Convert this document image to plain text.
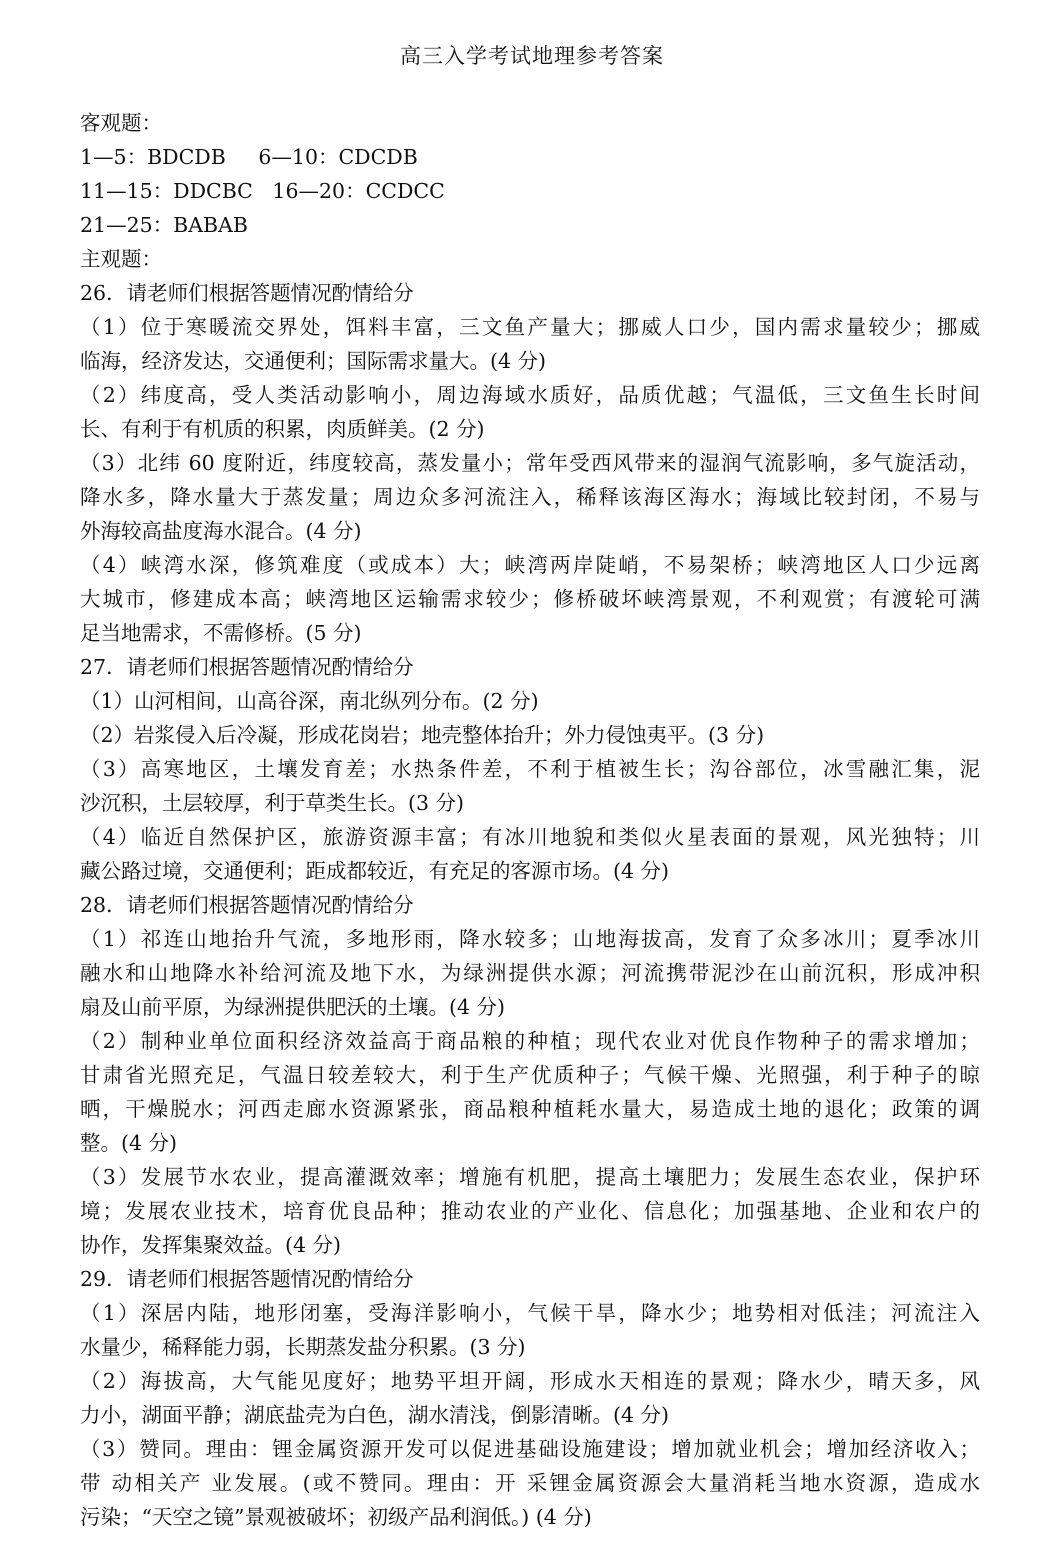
高三入学考试地理参考答案
客观题：
1—5：BDCDB     6—10：CDCDB
11—15：DDCBC   16—20：CCDCC
21—25：BABAB
主观题：
26．请老师们根据答题情况酌情给分
（1）位于寒暖流交界处，饵料丰富，三文鱼产量大；挪威人口少，国内需求量较少；挪威
临海，经济发达，交通便利；国际需求量大。(4 分)
（2）纬度高，受人类活动影响小，周边海域水质好，品质优越；气温低，三文鱼生长时间
长、有利于有机质的积累，肉质鲜美。(2 分)
（3）北纬 60 度附近，纬度较高，蒸发量小；常年受西风带来的湿润气流影响，多气旋活动，
降水多，降水量大于蒸发量；周边众多河流注入，稀释该海区海水；海域比较封闭，不易与
外海较高盐度海水混合。(4 分)
（4）峡湾水深，修筑难度（或成本）大；峡湾两岸陡峭，不易架桥；峡湾地区人口少远离
大城市，修建成本高；峡湾地区运输需求较少；修桥破坏峡湾景观，不利观赏；有渡轮可满
足当地需求，不需修桥。(5 分)
27．请老师们根据答题情况酌情给分
（1）山河相间，山高谷深，南北纵列分布。(2 分)
（2）岩浆侵入后冷凝，形成花岗岩；地壳整体抬升；外力侵蚀夷平。(3 分)
（3）高寒地区，土壤发育差；水热条件差，不利于植被生长；沟谷部位，冰雪融汇集，泥
沙沉积，土层较厚，利于草类生长。(3 分)
（4）临近自然保护区，旅游资源丰富；有冰川地貌和类似火星表面的景观，风光独特；川
藏公路过境，交通便利；距成都较近，有充足的客源市场。(4 分)
28．请老师们根据答题情况酌情给分
（1）祁连山地抬升气流，多地形雨，降水较多；山地海拔高，发育了众多冰川；夏季冰川
融水和山地降水补给河流及地下水，为绿洲提供水源；河流携带泥沙在山前沉积，形成冲积
扇及山前平原，为绿洲提供肥沃的土壤。(4 分)
（2）制种业单位面积经济效益高于商品粮的种植；现代农业对优良作物种子的需求增加；
甘肃省光照充足，气温日较差较大，利于生产优质种子；气候干燥、光照强，利于种子的晾
晒，干燥脱水；河西走廊水资源紧张，商品粮种植耗水量大，易造成土地的退化；政策的调
整。(4 分)
（3）发展节水农业，提高灌溉效率；增施有机肥，提高土壤肥力；发展生态农业，保护环
境；发展农业技术，培育优良品种；推动农业的产业化、信息化；加强基地、企业和农户的
协作，发挥集聚效益。(4 分)
29．请老师们根据答题情况酌情给分
（1）深居内陆，地形闭塞，受海洋影响小，气候干旱，降水少；地势相对低洼；河流注入
水量少，稀释能力弱，长期蒸发盐分积累。(3 分)
（2）海拔高，大气能见度好；地势平坦开阔，形成水天相连的景观；降水少，晴天多，风
力小，湖面平静；湖底盐壳为白色，湖水清浅，倒影清晰。(4 分)
（3）赞同。理由：锂金属资源开发可以促进基础设施建设；增加就业机会；增加经济收入；
带 动相关产 业发展。(或不赞同。理由：开 采锂金属资源会大量消耗当地水资源，造成水
污染；“天空之镜”景观被破坏；初级产品利润低。) (4 分)
